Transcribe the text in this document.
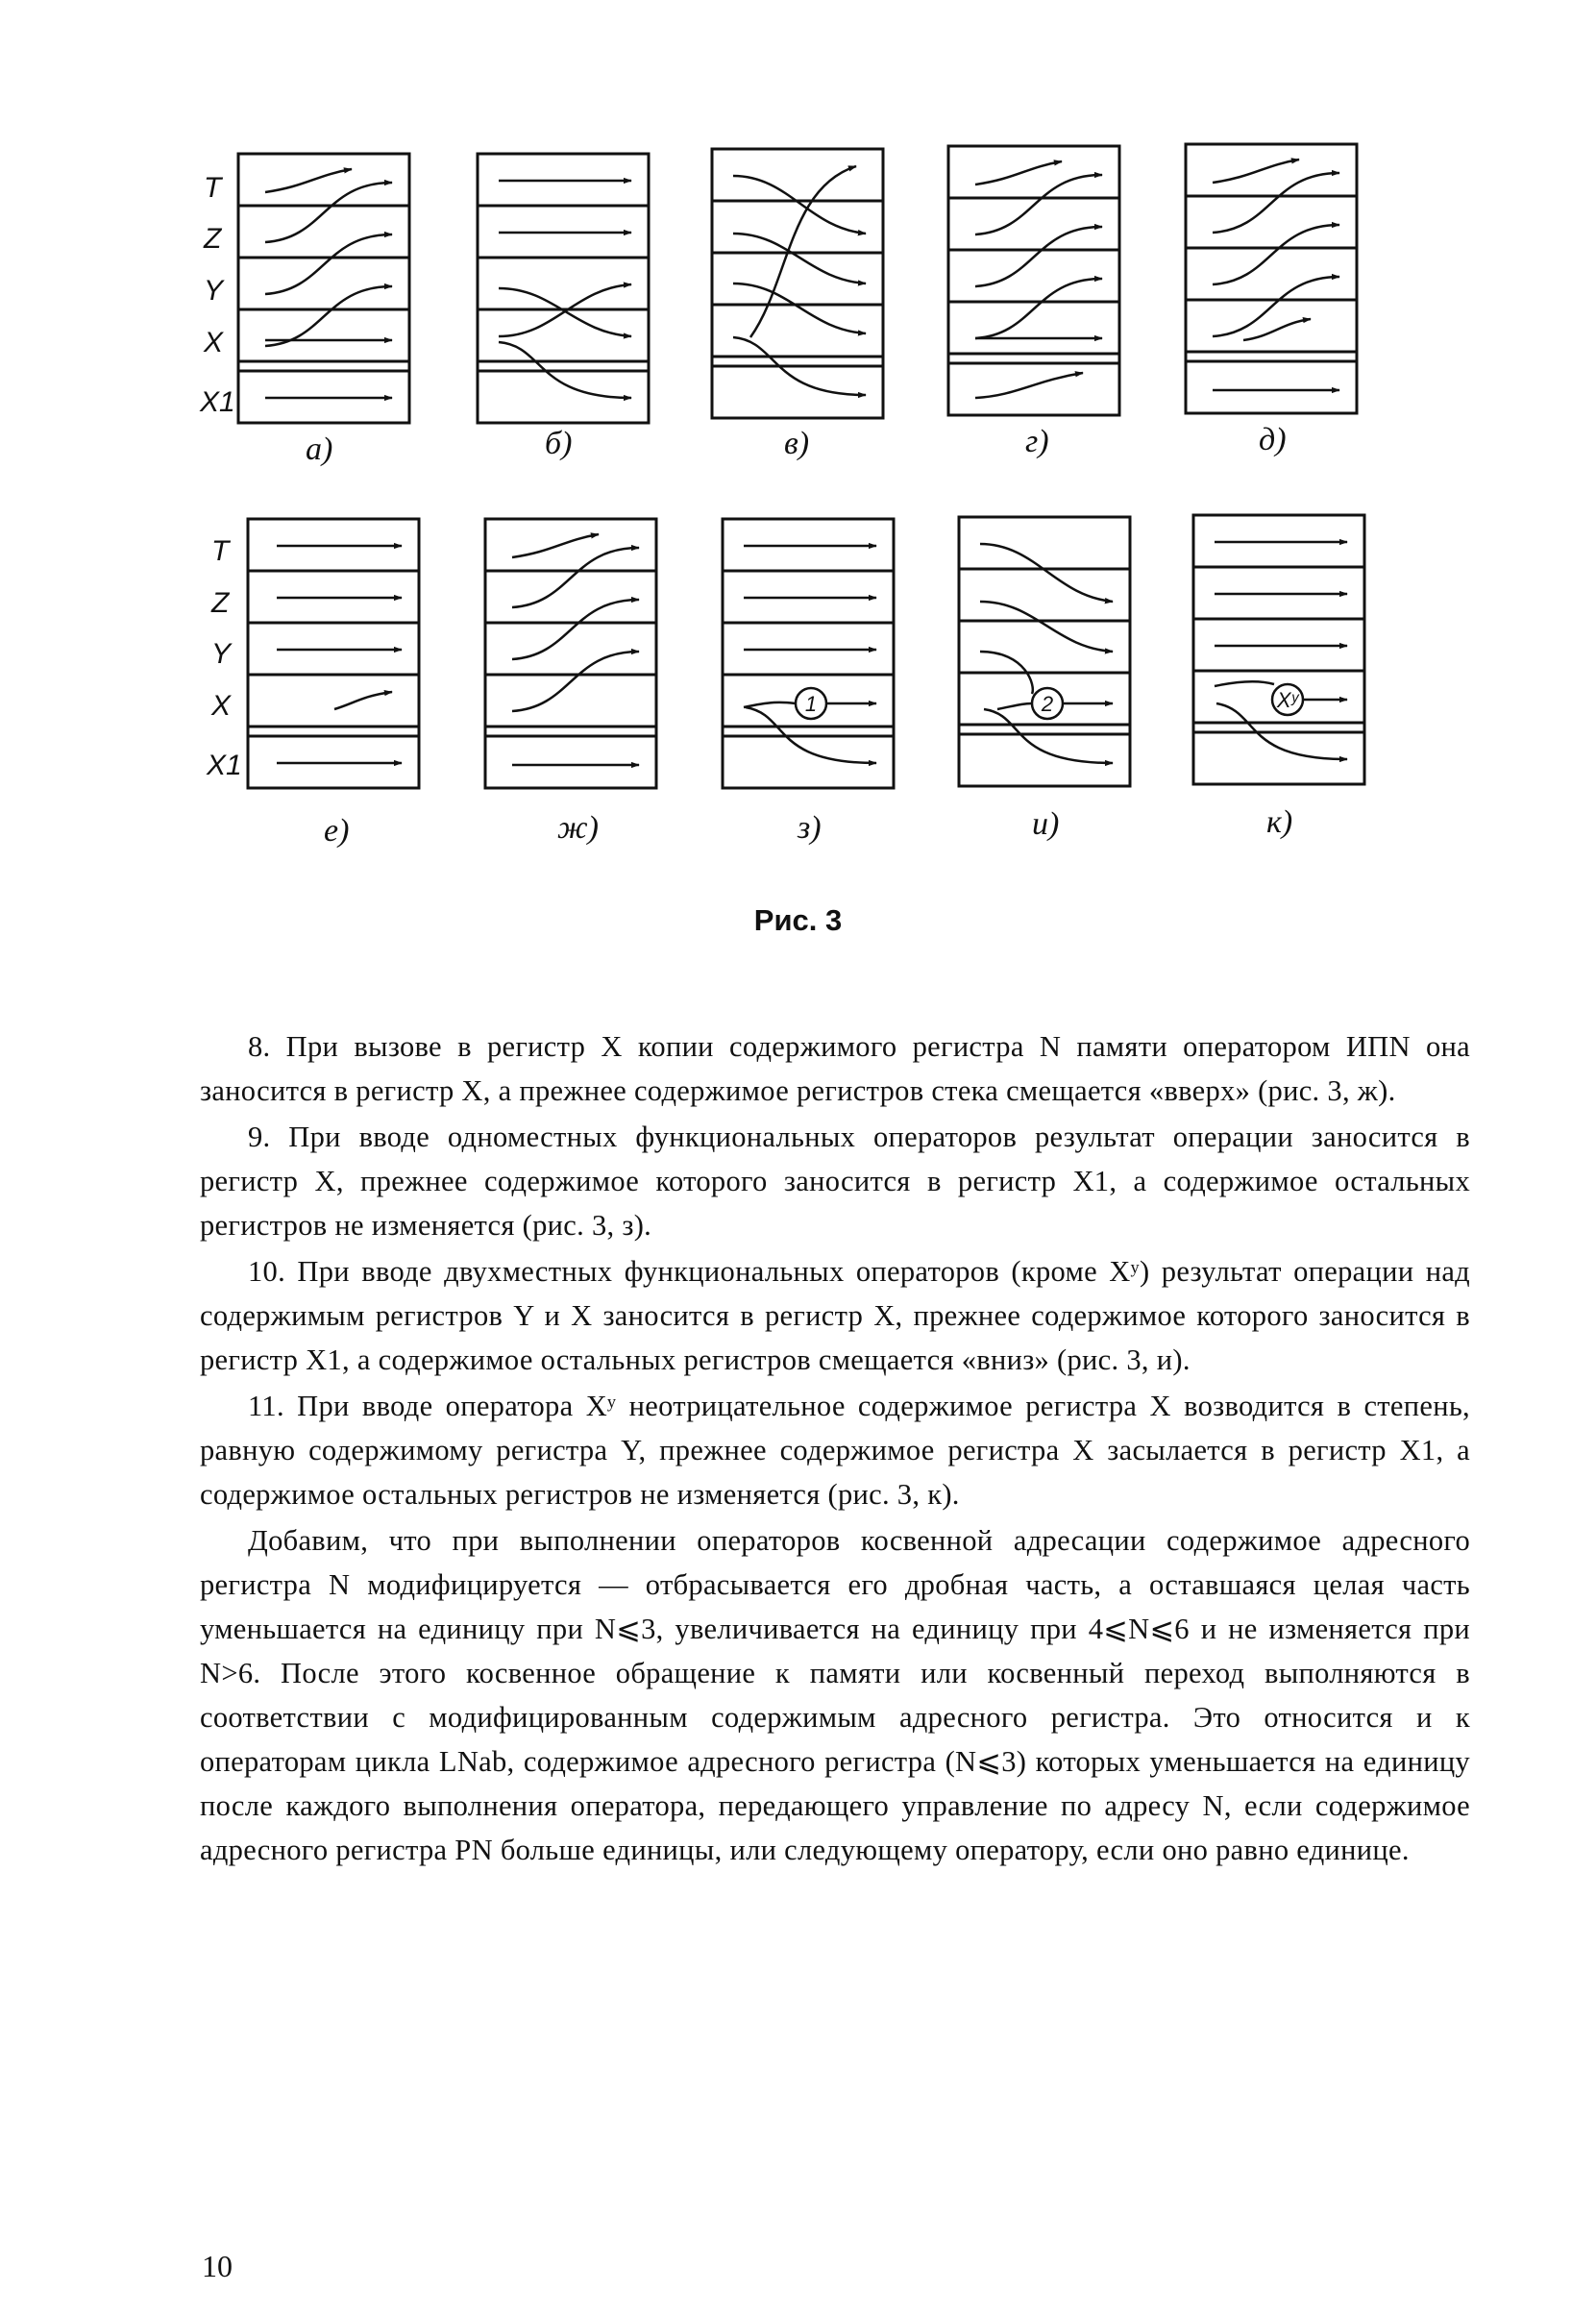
T
Z
Y
X
X1
T
Z
Y
X
X1
1	2	Xʸ
a)	б)	в)	г)	д)
е)	ж)	з)	и)	к)
Рис. 3

8. При вызове в регистр X копии содержимого регистра N памяти оператором ИПN она заносится в регистр X, а прежнее содержимое регистров стека смещается «вверх» (рис. 3, ж).

9. При вводе одноместных функциональных операторов результат операции заносится в регистр X, прежнее содержимое которого заносится в регистр X1, а содержимое остальных регистров не изменяется (рис. 3, з).

10. При вводе двухместных функциональных операторов (кроме Xʸ) результат операции над содержимым регистров Y и X заносится в регистр X, прежнее содержимое которого заносится в регистр X1, а содержимое остальных регистров смещается «вниз» (рис. 3, и).

11. При вводе оператора Xʸ неотрицательное содержимое регистра X возводится в степень, равную содержимому регистра Y, прежнее содержимое регистра X засылается в регистр X1, а содержимое остальных регистров не изменяется (рис. 3, к).

Добавим, что при выполнении операторов косвенной адресации содержимое адресного регистра N модифицируется — отбрасывается его дробная часть, а оставшаяся целая часть уменьшается на единицу при N⩽3, увеличивается на единицу при 4⩽N⩽6 и не изменяется при N>6. После этого косвенное обращение к памяти или косвенный переход выполняются в соответствии с модифицированным содержимым адресного регистра. Это относится и к операторам цикла LNab, содержимое адресного регистра (N⩽3) которых уменьшается на единицу после каждого выполнения оператора, передающего управление по адресу N, если содержимое адресного регистра PN больше единицы, или следующему оператору, если оно равно единице.

10
